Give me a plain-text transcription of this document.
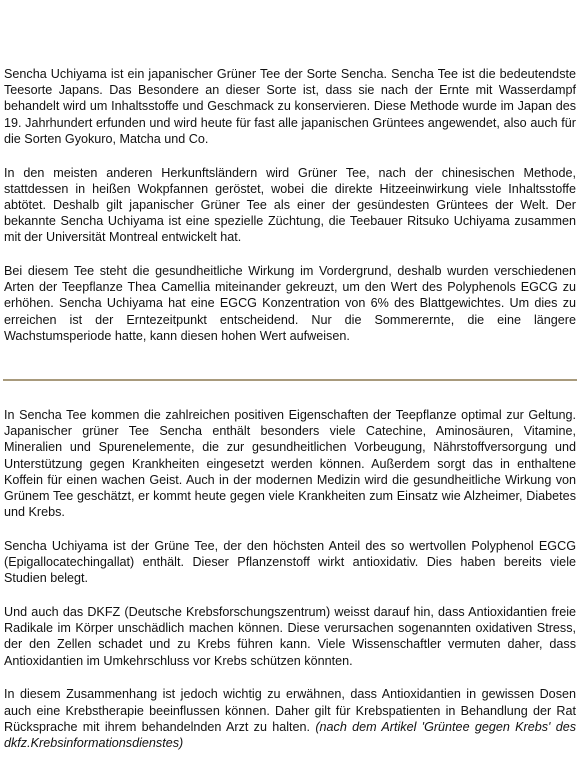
Sencha Uchiyama ist ein japanischer Grüner Tee der Sorte Sencha. Sencha Tee ist die bedeutendste Teesorte Japans. Das Besondere an dieser Sorte ist, dass sie nach der Ernte mit Wasserdampf behandelt wird um Inhaltsstoffe und Geschmack zu konservieren. Diese Methode wurde im Japan des 19. Jahrhundert erfunden und wird heute für fast alle japanischen Grüntees angewendet, also auch für die Sorten Gyokuro, Matcha und Co.

In den meisten anderen Herkunftsländern wird Grüner Tee, nach der chinesischen Methode, stattdessen in heißen Wokpfannen geröstet, wobei die direkte Hitzeeinwirkung viele Inhaltsstoffe abtötet. Deshalb gilt japanischer Grüner Tee als einer der gesündesten Grüntees der Welt. Der bekannte Sencha Uchiyama ist eine spezielle Züchtung, die Teebauer Ritsuko Uchiyama zusammen mit der Universität Montreal entwickelt hat.

Bei diesem Tee steht die gesundheitliche Wirkung im Vordergrund, deshalb wurden verschiedenen Arten der Teepflanze Thea Camellia miteinander gekreuzt, um den Wert des Polyphenols EGCG zu erhöhen. Sencha Uchiyama hat eine EGCG Konzentration von 6% des Blattgewichtes. Um dies zu erreichen ist der Erntezeitpunkt entscheidend. Nur die Sommerernte, die eine längere Wachstumsperiode hatte, kann diesen hohen Wert aufweisen.

In Sencha Tee kommen die zahlreichen positiven Eigenschaften der Teepflanze optimal zur Geltung. Japanischer grüner Tee Sencha enthält besonders viele Catechine, Aminosäuren, Vitamine, Mineralien und Spurenelemente, die zur gesundheitlichen Vorbeugung, Nährstoffversorgung und Unterstützung gegen Krankheiten eingesetzt werden können. Außerdem sorgt das in enthaltene Koffein für einen wachen Geist. Auch in der modernen Medizin wird die gesundheitliche Wirkung von Grünem Tee geschätzt, er kommt heute gegen viele Krankheiten zum Einsatz wie Alzheimer, Diabetes und Krebs.

Sencha Uchiyama ist der Grüne Tee, der den höchsten Anteil des so wertvollen Polyphenol EGCG (Epigallocatechingallat) enthält. Dieser Pflanzenstoff wirkt antioxidativ. Dies haben bereits viele Studien belegt.

Und auch das DKFZ (Deutsche Krebsforschungszentrum) weisst darauf hin, dass Antioxidantien freie Radikale im Körper unschädlich machen können. Diese verursachen sogenannten oxidativen Stress, der den Zellen schadet und zu Krebs führen kann. Viele Wissenschaftler vermuten daher, dass Antioxidantien im Umkehrschluss vor Krebs schützen könnten.

In diesem Zusammenhang ist jedoch wichtig zu erwähnen, dass Antioxidantien in gewissen Dosen auch eine Krebstherapie beeinflussen können. Daher gilt für Krebspatienten in Behandlung der Rat Rücksprache mit ihrem behandelnden Arzt zu halten. (nach dem Artikel 'Grüntee gegen Krebs' des dkfz.Krebsinformationsdienstes)
